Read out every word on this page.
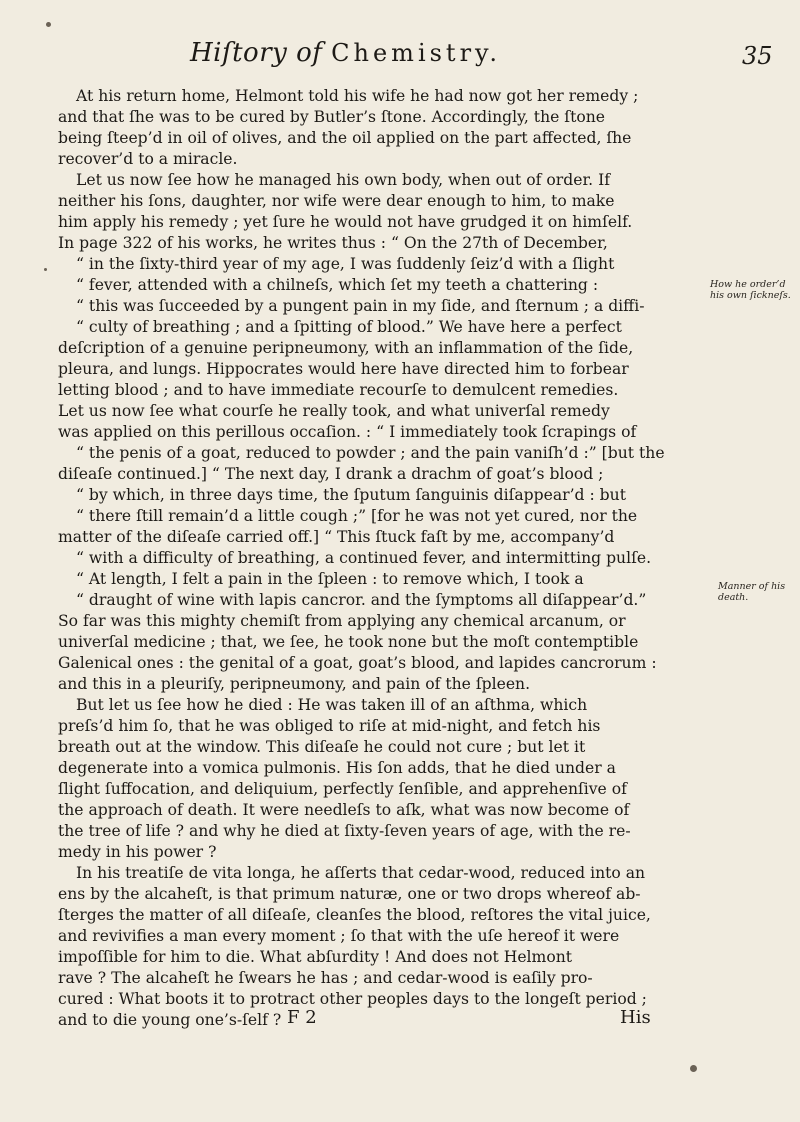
Hiſtory of Chemistry.	35
At his return home, Helmont told his wife he had now got her remedy ;
and that ſhe was to be cured by Butler’s ſtone. Accordingly, the ſtone
being ſteep’d in oil of olives, and the oil applied on the part affected, ſhe
recover’d to a miracle.
Let us now ſee how he managed his own body, when out of order. If
neither his ſons, daughter, nor wife were dear enough to him, to make
him apply his remedy ; yet ſure he would not have grudged it on himſelf.
In page 322 of his works, he writes thus : “ On the 27th of December,
“ in the ſixty-third year of my age, I was ſuddenly ſeiz’d with a ſlight
“ fever, attended with a chilneſs, which ſet my teeth a chattering :
“ this was ſucceeded by a pungent pain in my ſide, and ſternum ; a diffi-
“ culty of breathing ; and a ſpitting of blood.” We have here a perfect
deſcription of a genuine peripneumony, with an inflammation of the ſide,
pleura, and lungs. Hippocrates would here have directed him to forbear
letting blood ; and to have immediate recourſe to demulcent remedies.
Let us now ſee what courſe he really took, and what univerſal remedy
was applied on this perillous occaſion. : “ I immediately took ſcrapings of
“ the penis of a goat, reduced to powder ; and the pain vaniſh’d :” [but the
diſeaſe continued.] “ The next day, I drank a drachm of goat’s blood ;
“ by which, in three days time, the ſputum ſanguinis diſappear’d : but
“ there ſtill remain’d a little cough ;” [for he was not yet cured, nor the
matter of the diſeaſe carried off.] “ This ſtuck faſt by me, accompany’d
“ with a difficulty of breathing, a continued fever, and intermitting pulſe.
“ At length, I felt a pain in the ſpleen : to remove which, I took a
“ draught of wine with lapis cancror. and the ſymptoms all diſappear’d.”
So far was this mighty chemiſt from applying any chemical arcanum, or
univerſal medicine ; that, we ſee, he took none but the moſt contemptible
Galenical ones : the genital of a goat, goat’s blood, and lapides cancrorum :
and this in a pleuriſy, peripneumony, and pain of the ſpleen.
But let us ſee how he died : He was taken ill of an aſthma, which
preſs’d him ſo, that he was obliged to riſe at mid-night, and fetch his
breath out at the window. This diſeaſe he could not cure ; but let it
degenerate into a vomica pulmonis. His ſon adds, that he died under a
ſlight ſuffocation, and deliquium, perfectly ſenſible, and apprehenſive of
the approach of death. It were needleſs to aſk, what was now become of
the tree of life ? and why he died at ſixty-ſeven years of age, with the re-
medy in his power ?
In his treatiſe de vita longa, he aſſerts that cedar-wood, reduced into an
ens by the alcaheſt, is that primum naturæ, one or two drops whereof ab-
ſterges the matter of all diſeaſe, cleanſes the blood, reſtores the vital juice,
and revivifies a man every moment ; ſo that with the uſe hereof it were
impoſſible for him to die. What abſurdity ! And does not Helmont
rave ? The alcaheſt he ſwears he has ; and cedar-wood is eaſily pro-
cured : What boots it to protract other peoples days to the longeſt period ;
and to die young one’s-ſelf ?
How he order’d
his own ſickneſs.
Manner of his
death.
F 2	His
